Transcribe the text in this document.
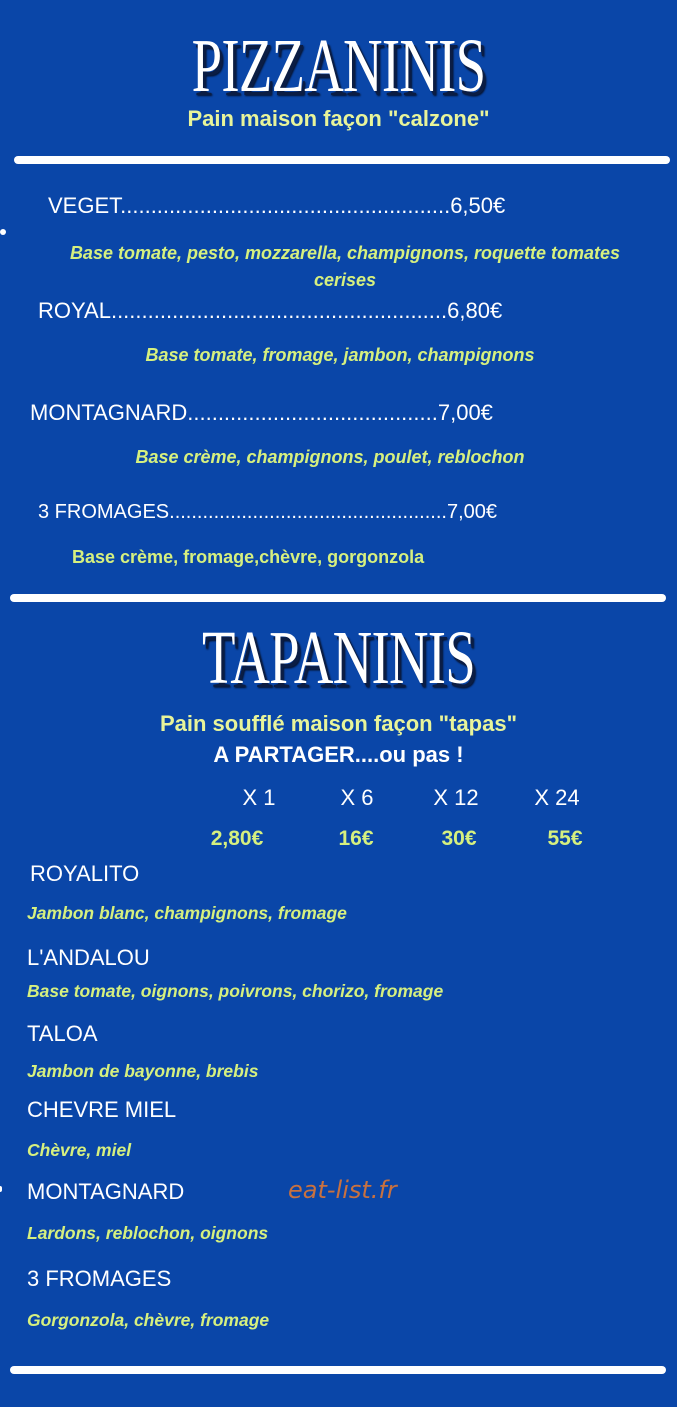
PIZZANINIS
Pain maison façon "calzone"
VEGET......................................................6,50€
Base tomate, pesto, mozzarella, champignons, roquette tomates cerises
ROYAL.......................................................6,80€
Base tomate, fromage, jambon, champignons
MONTAGNARD.........................................7,00€
Base crème, champignons, poulet, reblochon
3 FROMAGES..................................................7,00€
Base crème, fromage,chèvre, gorgonzola
TAPANINIS
Pain soufflé maison façon "tapas"
A PARTAGER....ou pas !
X 1	X 6	X 12	X 24
2,80€	16€	30€	55€
ROYALITO
Jambon blanc, champignons, fromage
L'ANDALOU
Base tomate, oignons, poivrons, chorizo, fromage
TALOA
Jambon de bayonne, brebis
CHEVRE MIEL
Chèvre, miel
MONTAGNARD	eat-list.fr
Lardons, reblochon, oignons
3 FROMAGES
Gorgonzola, chèvre, fromage
